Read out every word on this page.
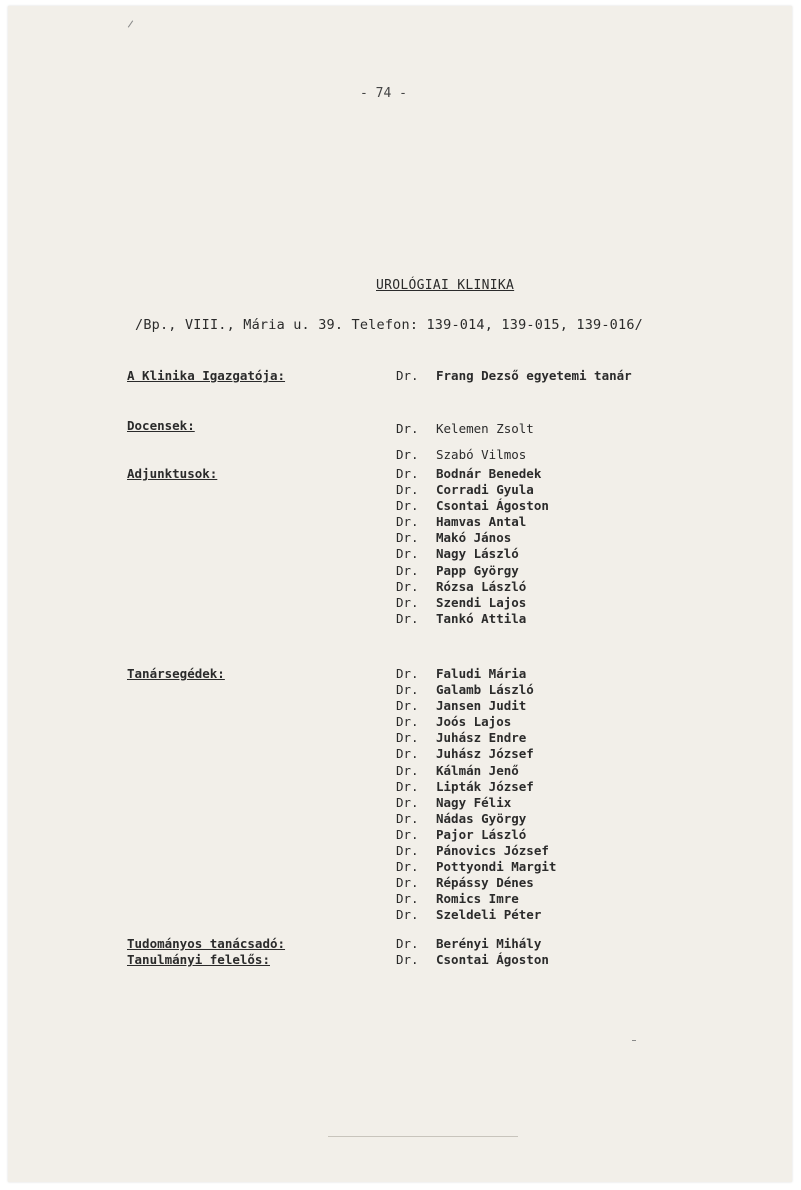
- 74 -
UROLÓGIAI KLINIKA
/Bp., VIII., Mária u. 39. Telefon: 139-014, 139-015, 139-016/
A Klinika Igazgatója:	Dr. Frang Dezső egyetemi tanár
Docensek:	Dr. Kelemen Zsolt
Dr. Szabó Vilmos
Adjunktusok:	Dr. Bodnár Benedek
Dr. Corradi Gyula
Dr. Csontai Ágoston
Dr. Hamvas Antal
Dr. Makó János
Dr. Nagy László
Dr. Papp György
Dr. Rózsa László
Dr. Szendi Lajos
Dr. Tankó Attila
Tanársegédek:	Dr. Faludi Mária
Dr. Galamb László
Dr. Jansen Judit
Dr. Joós Lajos
Dr. Juhász Endre
Dr. Juhász József
Dr. Kálmán Jenő
Dr. Lipták József
Dr. Nagy Félix
Dr. Nádas György
Dr. Pajor László
Dr. Pánovics József
Dr. Pottyondi Margit
Dr. Répássy Dénes
Dr. Romics Imre
Dr. Szeldeli Péter
Tudományos tanácsadó:	Dr. Berényi Mihály
Tanulmányi felelős:	Dr. Csontai Ágoston
